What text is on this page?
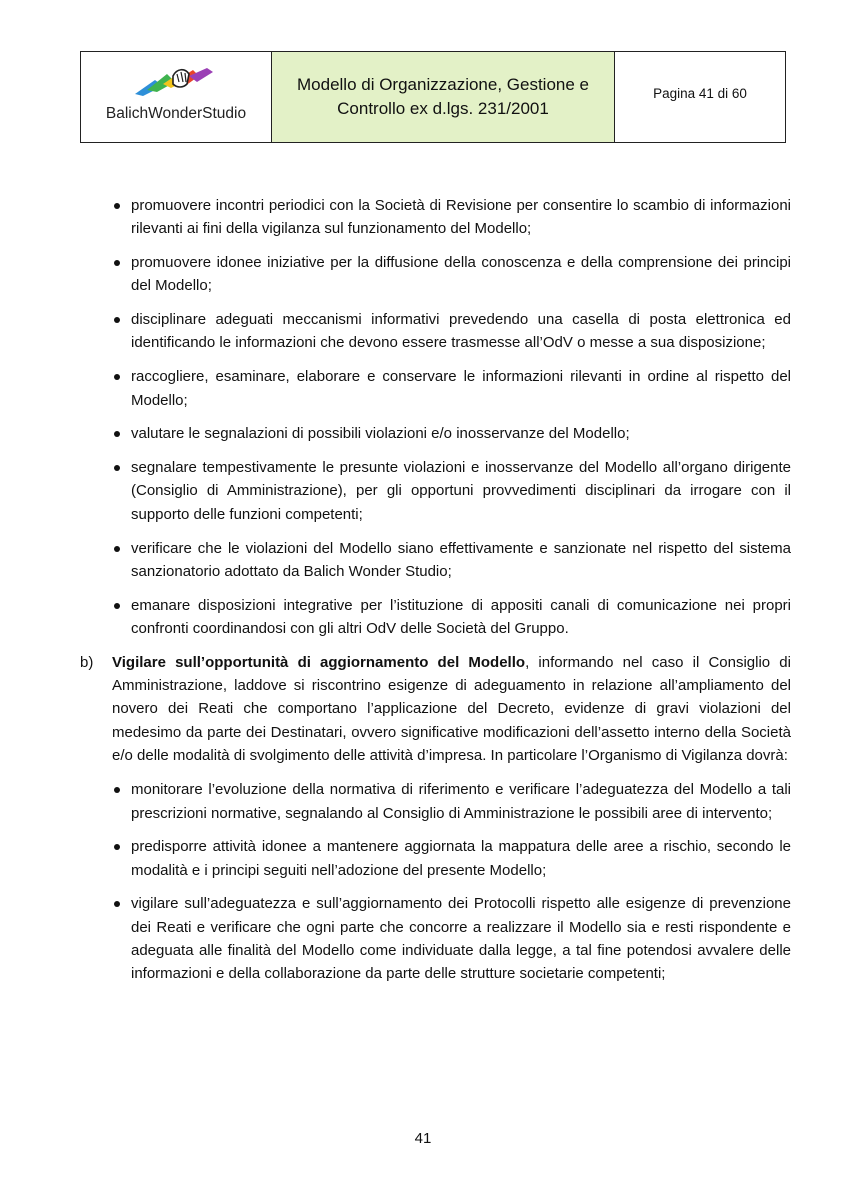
BalichWonderStudio
Modello di Organizzazione, Gestione e Controllo ex d.lgs. 231/2001
Pagina 41 di 60
promuovere incontri periodici con la Società di Revisione per consentire lo scambio di informazioni rilevanti ai fini della vigilanza sul funzionamento del Modello;
promuovere idonee iniziative per la diffusione della conoscenza e della comprensione dei principi del Modello;
disciplinare adeguati meccanismi informativi prevedendo una casella di posta elettronica ed identificando le informazioni che devono essere trasmesse all’OdV o messe a sua disposizione;
raccogliere, esaminare, elaborare e conservare le informazioni rilevanti in ordine al rispetto del Modello;
valutare le segnalazioni di possibili violazioni e/o inosservanze del Modello;
segnalare tempestivamente le presunte violazioni e inosservanze del Modello all’organo dirigente (Consiglio di Amministrazione), per gli opportuni provvedimenti disciplinari da irrogare con il supporto delle funzioni competenti;
verificare che le violazioni del Modello siano effettivamente e sanzionate nel rispetto del sistema sanzionatorio adottato da Balich Wonder Studio;
emanare disposizioni integrative per l’istituzione di appositi canali di comunicazione nei propri confronti coordinandosi con gli altri OdV delle Società del Gruppo.
b) Vigilare sull’opportunità di aggiornamento del Modello, informando nel caso il Consiglio di Amministrazione, laddove si riscontrino esigenze di adeguamento in relazione all’ampliamento del novero dei Reati che comportano l’applicazione del Decreto, evidenze di gravi violazioni del medesimo da parte dei Destinatari, ovvero significative modificazioni dell’assetto interno della Società e/o delle modalità di svolgimento delle attività d’impresa. In particolare l’Organismo di Vigilanza dovrà:
monitorare l’evoluzione della normativa di riferimento e verificare l’adeguatezza del Modello a tali prescrizioni normative, segnalando al Consiglio di Amministrazione le possibili aree di intervento;
predisporre attività idonee a mantenere aggiornata la mappatura delle aree a rischio, secondo le modalità e i principi seguiti nell’adozione del presente Modello;
vigilare sull’adeguatezza e sull’aggiornamento dei Protocolli rispetto alle esigenze di prevenzione dei Reati e verificare che ogni parte che concorre a realizzare il Modello sia e resti rispondente e adeguata alle finalità del Modello come individuate dalla legge, a tal fine potendosi avvalere delle informazioni e della collaborazione da parte delle strutture societarie competenti;
41
